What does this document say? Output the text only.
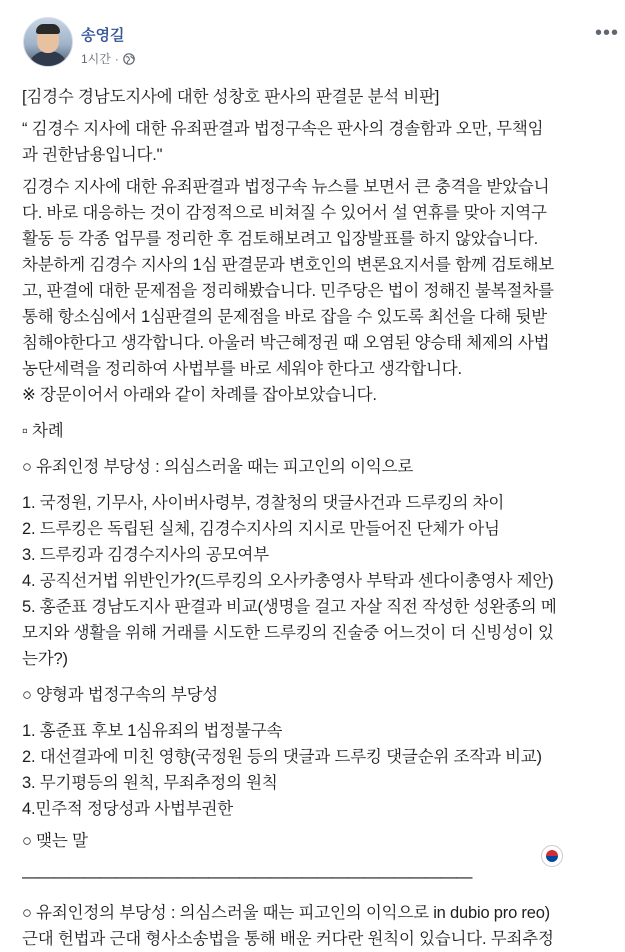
송영길
1시간 ·
•••

[김경수 경남도지사에 대한 성창호 판사의 판결문 분석 비판]

“ 김경수 지사에 대한 유죄판결과 법정구속은 판사의 경솔함과 오만, 무책임

과 권한남용입니다."

김경수 지사에 대한 유죄판결과 법정구속 뉴스를 보면서 큰 충격을 받았습니

다. 바로 대응하는 것이 감정적으로 비쳐질 수 있어서 설 연휴를 맞아 지역구

활동 등 각종 업무를 정리한 후 검토해보려고 입장발표를 하지 않았습니다.

차분하게 김경수 지사의 1심 판결문과 변호인의 변론요지서를 함께 검토해보

고, 판결에 대한 문제점을 정리해봤습니다. 민주당은 법이 정해진 불복절차를

통해 항소심에서 1심판결의 문제점을 바로 잡을 수 있도록 최선을 다해 뒷받

침해야한다고 생각합니다. 아울러 박근혜정권 때 오염된 양승태 체제의 사법

농단세력을 정리하여 사법부를 바로 세워야 한다고 생각합니다.

※ 장문이어서 아래와 같이 차례를 잡아보았습니다.

▫ 차례

○ 유죄인정 부당성 : 의심스러울 때는 피고인의 이익으로

1. 국정원, 기무사, 사이버사령부, 경찰청의 댓글사건과 드루킹의 차이

2. 드루킹은 독립된 실체, 김경수지사의 지시로 만들어진 단체가 아님

3. 드루킹과 김경수지사의 공모여부

4. 공직선거법 위반인가?(드루킹의 오사카총영사 부탁과 센다이총영사 제안)

5. 홍준표 경남도지사 판결과 비교(생명을 걸고 자살 직전 작성한 성완종의 메

모지와 생활을 위해 거래를 시도한 드루킹의 진술중 어느것이 더 신빙성이 있

는가?)

○ 양형과 법정구속의 부당성

1. 홍준표 후보 1심유죄의 법정불구속

2. 대선결과에 미친 영향(국정원 등의 댓글과 드루킹 댓글순위 조작과 비교)

3. 무기평등의 원칙, 무죄추정의 원칙

4.민주적 정당성과 사법부권한

○ 맺는 말

—————————————————————————————

○ 유죄인정의 부당성 : 의심스러울 때는 피고인의 이익으로 in dubio pro reo)

근대 헌법과 근대 형사소송법을 통해 배운 커다란 원칙이 있습니다. 무죄추정
